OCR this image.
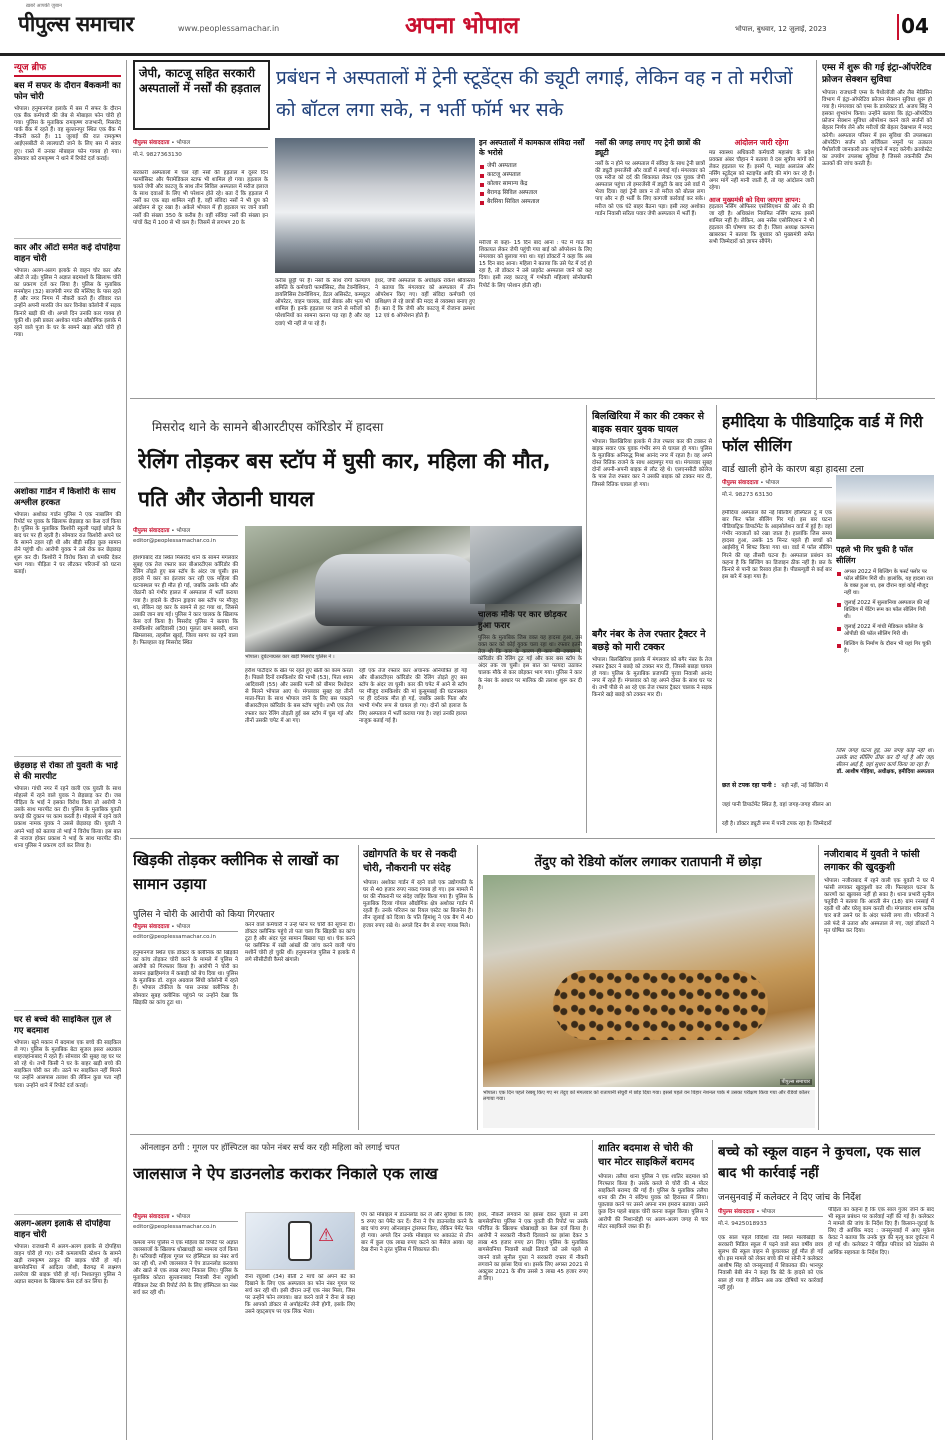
पीपुल्स समाचार
ख़बरें आपकी ज़ुबान
www.peoplessamachar.in	अपना भोपाल	भोपाल, बुधवार, 12 जुलाई, 2023	04
न्यूज ब्रीफ
बस में सफर के दौरान बैंककर्मी का फोन चोरी
भोपाल। हनुमानगंज इलाके में बस में सफर के दौरान एक बैंक कर्मचारी की जेब से मोबाइल फोन चोरी हो गया। पुलिस के मुताबिक रामकृष्ण राजभानी, मिसरोद पार्क बैंक में रहते हैं। वह सुल्तानपुर स्थित एक बैंक में नौकरी करते हैं। 11 जुलाई की रात रामकृष्ण आईएसबीटी से लालघाटी जाने के लिए बस में सवार हुए। रास्ते में उनका मोबाइल फोन गायब हो गया। सोमवार को रामकृष्ण ने थाने में रिपोर्ट दर्ज कराई।
कार और ऑटो समेत कई दोपहिया वाहन चोरी
भोपाल। अलग-अलग इलाके से वाहन चोर कार और ऑटो ले उड़े। पुलिस ने अज्ञात बदमाशों के खिलाफ चोरी का प्रकरण दर्ज कर लिया है। पुलिस के मुताबिक मनमोहन (32) बाजपेयी नगर की मस्जिद के पास रहते हैं और नगर निगम में नौकरी करते हैं। रविवार रात उन्होंने अपनी मारुति जेन कार विनोबा कॉलोनी में सड़क किनारे खड़ी की थी। अगले दिन उनकी कार गायब हो चुकी थी। इसी प्रकार अशोका गार्डन औद्योगिक इलाके में रहने वाले पूजा के घर के सामने खड़ा ऑटो चोरी हो गया।
अशोका गार्डन में किशोरी के साथ अश्लील हरकत
भोपाल। अशोका गार्डन पुलिस ने एक नाबालिग की रिपोर्ट पर युवक के खिलाफ छेड़छाड़ का केस दर्ज किया है। पुलिस के मुताबिक किशोरी स्कूली पढ़ाई छोड़ने के बाद घर पर ही रहती है। सोमवार रात किशोरी अपने घर के सामने टहल रही थी और बीड़ी सहित कुछ सामान लेने पहुंची थी। आरोपी युवक ने उसे रोक कर छेड़छाड़ शुरू कर दी। किशोरी ने विरोध किया तो धमकी देकर भाग गया। पीड़िता ने घर लौटकर परिजनों को घटना बताई।
छेड़छाड़ से रोका तो युवती के भाई से की मारपीट
भोपाल। गांधी नगर में रहने वाली एक युवती के साथ मोहल्ले में रहने वाले युवक ने छेड़छाड़ कर दी। जब पीड़िता के भाई ने इसका विरोध किया तो आरोपी ने उसके साथ मारपीट कर दी। पुलिस के मुताबिक युवती कपड़े की दुकान पर काम करती है। मोहल्ले में रहने वाले प्रकाश नामक युवक ने उससे छेड़छाड़ की। युवती ने अपने भाई को बताया तो भाई ने विरोध किया। इस बात से नाराज होकर प्रकाश ने भाई के साथ मारपीट की। थाना पुलिस ने प्रकरण दर्ज कर लिया है।
घर से बच्चे की साइकिल ग़ुल ले गए बदमाश
भोपाल। खूने मकान में बदमाश एक बच्चे की साइकिल ले गए। पुलिस के मुताबिक बेटा सुजल इसरा अग्रवाल शाहजहांनाबाद में रहते हैं। सोमवार की सुबह वह घर पर सो रहे थे। तभी किसी ने घर के बाहर खड़ी बच्चे की साइकिल चोरी कर ली। उठने पर साइकिल नहीं मिलने पर उन्होंने आसपास तलाश की लेकिन कुछ पता नहीं चला। उन्होंने थाने में रिपोर्ट दर्ज कराई।
अलग-अलग इलाके से दोपहिया वाहन चोरी
भोपाल। राजधानी में अलग-अलग इलाके से दोपहिया वाहन चोरी हो गए। रानी कमलापति स्टेशन के सामने खड़ी रामकृष्ण ठाकुर की बाइक चोरी हो गई। बागसेवनिया में आदित्य जोशी, बैरागढ़ में लक्ष्मण तलरेजा की बाइक चोरी हो गई। निशातपुरा पुलिस ने अज्ञात बदमाश के खिलाफ केस दर्ज कर लिया है।
जेपी, काटजू सहित सरकारी अस्पतालों में नर्सों की हड़ताल प्रबंधन ने अस्पतालों में ट्रेनी स्टूडेंट्स की ड्यूटी लगाई, लेकिन वह न तो मरीजों को बॉटल लगा सके, न भर्ती फॉर्म भर सके
पीपुल्स संवाददाता • भोपाल
मो.नं. 9827363130
सरकारी अस्पतालों में चल रही नर्सों की हड़ताल में दूसरे दिन फार्मासिस्ट और पैरामेडिकल स्टाफ भी शामिल हो गया। हड़ताल के चलते जेपी और काटजू के साथ तीन सिविल अस्पताल में मरीज इलाज के साथ दवाओं के लिए भी परेशान होते रहे। बता दें कि हड़ताल में नर्सों का एक बड़ा शामिल नहीं है, वहीं संविदा नर्सों ने भी ग्रुप को आंदोलन से दूर रखा है। अकेले भोपाल में ही हड़ताल पर जाने वाली नर्सों की संख्या 350 के करीब है। वहीं संविदा नर्सों की संख्या इन पांचों केंद्र में 100 से भी कम है। जिसमें से लगभग 20 के
करीब छुट्टी पर हैं। नर्सों के साथ रोगी कल्याण समिति के कर्मचारी फार्मासिस्ट, लैब टेक्नीशियन, डायलिसिस टेक्नीशियन, डेंटल असिस्टेंट, कम्प्यूटर ऑपरेटर, वाहन चालक, वार्ड सेवक और भृत्य भी शामिल हैं। इनके हड़ताल पर जाने से मरीजों को परेशानियों का सामना करना पड़ रहा है और वह दवाएं भी नहीं ले पा रहे हैं।
इधर, जेपी अस्पताल के अधीक्षक राकेश श्रीवास्तव ने बताया कि मंगलवार को अस्पताल में तीन ऑपरेशन किए गए। वहीं संविदा कर्मचारी एवं प्रशिक्षण ले रहे छात्रों की मदद से व्यवस्था बनाए हुए हैं। बता दें कि जेपी और काटजू में रोजाना क्रमशः 12 एवं 6 ऑपरेशन होते हैं।
इन अस्पतालों में कामकाज संविदा नर्सों के भरोसे
जेपी अस्पताल
काटजू अस्पताल
कोलार सामान्य केंद्र
बैरागढ़ सिविल अस्पताल
बैरसिया सिविल अस्पताल
मरीजों से कहा- 15 दिन बाद आना : पेट में गांठ की शिकायत लेकर जेपी पहुंची गया बाई को ऑपरेशन के लिए मंगलवार को बुलाया गया था। यहां डॉक्टरों ने कहा कि अब 15 दिन बाद आना। महिला ने बताया कि उसे पेट में दर्द हो रहा है, तो डॉक्टर ने उसे प्राइवेट अस्पताल जाने को कह दिया। इसी तरह काटजू में गर्भवती महिलाएं सोनोग्राफी रिपोर्ट के लिए परेशान होती रहीं।
नर्सों की जगह लगाए गए ट्रेनी छात्रों की ड्यूटी
नर्सों के न होने पर अस्पताल में संविदा के साथ ट्रेनी छात्रों की ड्यूटी इमरजेंसी और वार्डों में लगाई गई। मंगलवार को एक मरीज को दर्द की शिकायत लेकर एक युवक जेपी अस्पताल पहुंचा तो इमरजेंसी में ड्यूटी के बाद उसे वार्ड में भेजा दिया। वहां ट्रेनी छात्र न तो मरीज को बोतल लगा पाए और न ही भर्ती के लिए कागजी कार्रवाई कर सके। मरीज को एक घंटे बाहर बैठना पड़ा। इसी तरह अशोका गार्डन निवासी सरिता पवार जेपी अस्पताल में भर्ती हैं।
आंदोलन जारी रहेगा
मप्र स्वास्थ्य अधिकारी कर्मचारी महासंघ के प्रदेश प्रवक्ता अंबर चौहान ने बताया वे दस सूत्रीय मांगों को लेकर हड़ताल पर हैं। इसमें पे, माइंड अलाउंस और नर्सिंग स्टूडेंट्स को स्टाइपेंड आदि की मांग कर रहे हैं। अगर मांगें नहीं मानी जाती हैं, तो यह आंदोलन जारी रहेगा।
आज मुख्यमंत्री को दिया जाएगा ज्ञापन:
हड़ताल नर्सिंग ऑफिसर एसोसिएशन की ओर से की जा रही है। अधिकांश नियमित नर्सिंग स्टाफ इसमें शामिल नहीं है। लेकिन, अब नर्सेस एसोसिएशन ने भी हड़ताल की घोषणा कर दी है। जिला अध्यक्ष कल्पना खाबरकर ने बताया कि बुधवार को मुख्यमंत्री समेत सभी जिम्मेदारों को ज्ञापन सौंपेंगे।
एम्स में शुरू की गई इंट्रा-ऑपरेटिव फ्रोजन सेक्शन सुविधा
भोपाल। राजधानी एम्स के पैथोलॉजी और लैब मेडिसिन विभाग में इंट्रा-ऑपरेटिव फ्रोजन सेक्शन सुविधा शुरू हो गया है। मंगलवार को एम्स के डायरेक्टर डॉ. अजय सिंह ने इसका शुभारंभ किया। उन्होंने बताया कि इंट्रा-ऑपरेटिव फ्रोजन सेक्शन सुविधा ऑपरेशन करने वाले सर्जनों को बेहतर निर्णय लेने और मरीजों की बेहतर देखभाल में मदद करेगी। अस्पताल परिसर में इस सुविधा की उपलब्धता ऑपरेटिंग सर्जन को सर्जिकल नमूनों पर तत्काल पैथोलॉजी जानकारी तक पहुंचने में मदद करेगी। क्रायोस्टेट का उपयोग उपलब्ध सुविधा है जिससे तकनीकी टीम ऊतकों की जांच करती है।
मिसरोद थाने के सामने बीआरटीएस कॉरिडोर में हादसा
रेलिंग तोड़कर बस स्टॉप में घुसी कार, महिला की मौत, पति और जेठानी घायल
पीपुल्स संवाददाता • भोपाल
editor@peoplessamachar.co.in
होशंगाबाद रोड स्थित मिसरोद थाने के सामने मंगलवार सुबह एक तेज रफ्तार कार बीआरटीएस कॉरिडोर की रेलिंग तोड़ते हुए बस स्टॉप के अंदर जा घुसी। इस हादसे में कार का इंतजार कर रही एक महिला की घटनास्थल पर ही मौत हो गई, जबकि उसके पति और जेठानी को गंभीर हालत में अस्पताल में भर्ती कराया गया है। हादसे के दौरान ड्राइवर बस स्टॉप पर मौजूद था, लेकिन वह कार के सामने से हट गया था, जिससे उसकी जान बच गई। पुलिस ने कार चालक के खिलाफ केस दर्ज किया है। मिसरोद पुलिस ने बताया कि रामकिशोर आदिवासी (30) मूलतः ग्राम बसारी, थाना खिमलासा, तहसील खुरई, जिला सागर का रहने वाला है। फिलहाल वह मिसरोद स्थित
भोपाल। दुर्घटनाग्रस्त कार खड़ी मिसरोद पुलिस ने ।
हरीश पाटीदार के खेत पर रहते हुए खेती का काम करता है। पिछले दिनों रामकिशोर की भाभी (53), पिता श्याम आदिवासी (55) और उसकी पत्नी को बीमार रिश्तेदार से मिलने भोपाल आए थे। मंगलवार सुबह वह तीनों माता-पिता के साथ भोपाल जाने के लिए बस पकड़ने बीआरटीएस कॉरिडोर के बस स्टॉप पहुंचे। तभी एक तेज रफ्तार कार रेलिंग तोड़ती हुई बस स्टॉप में घुस गई और तीनों उसकी चपेट में आ गए।
रही एक तेज रफ्तार कार अचानक अनियंत्रित हो गई और बीआरटीएस कॉरिडोर की रेलिंग तोड़ते हुए बस स्टॉप के अंदर जा घुसी। कार की चपेट में आने से स्टॉप पर मौजूद रामकिशोर की मां कुसुमबाई की घटनास्थल पर ही दर्दनाक मौत हो गई, जबकि उसके पिता और भाभी गंभीर रूप से घायल हो गए। दोनों को इलाज के लिए अस्पताल में भर्ती कराया गया है। जहां उनकी हालत नाजुक बताई गई है।
चालक मौके पर कार छोड़कर हुआ फरार
पुलिस के मुताबिक जिस वक्त यह हादसा हुआ, उस वक्त कार को कोई युवक चला रहा था। रफ्तार इतनी तेज थी कि कार के कारण ही कार की टक्कर से कॉरिडोर की रेलिंग टूट गई और कार बस स्टॉप के अंदर तक जा घुसी। इस बात का फायदा उठाकर चालक मौके से कार छोड़कर भाग गया। पुलिस ने कार के नंबर के आधार पर मालिक की तलाश शुरू कर दी है।
बिलखिरिया में कार की टक्कर से बाइक सवार युवक घायल
भोपाल। बिलखिरिया इलाके में तेज रफ्तार कार की टक्कर से बाइक सवार एक युवक गंभीर रूप से घायल हो गया। पुलिस के मुताबिक अनिरुद्ध मिश्रा आनंद नगर में रहता है। वह अपने दोस्त रितिक राजने के साथ अदामपुर गया था। मंगलवार सुबह दोनों अपनी-अपनी बाइक से लौट रहे थे। एलएनसीटी कॉलेज के पास तेज रफ्तार कार ने उसकी बाइक को टक्कर मार दी, जिससे रितिक घायल हो गया।
बगैर नंबर के तेज रफ्तार ट्रैक्टर ने बछड़े को मारी टक्कर
भोपाल। बिलखिरिया इलाके में मंगलवार को बगैर नंबर के तेज रफ्तार ट्रैक्टर ने बछड़े को टक्कर मार दी, जिससे बछड़ा घायल हो गया। पुलिस के मुताबिक प्रजापति पुरवा निवासी आनंद नगर में रहते हैं। मंगलवार को वह अपने दोस्त के साथ घर पर थे। तभी पीछे से आ रहे एक तेज रफ्तार ट्रैक्टर चालक ने सड़क किनारे खड़े बछड़े को टक्कर मार दी।
हमीदिया के पीडियाट्रिक वार्ड में गिरी फॉल सीलिंग
वार्ड खाली होने के कारण बड़ा हादसा टला
पीपुल्स संवाददाता • भोपाल
मो.नं. 98273 63130
हमीदिया अस्पताल की नई बिल्डिंग हॉस्पिटल टू में एक बार फिर फॉल सीलिंग गिर गई। इस बार घटना पीडियाट्रिक डिपार्टमेंट के आइसोलेशन वार्ड में हुई है। वहां गंभीर नवजातों को रखा जाता है। हालांकि जिस समय हादसा हुआ, उसके 15 मिनट पहले ही बच्चों को आईसीयू में शिफ्ट किया गया था। वार्ड में फॉल सीलिंग गिरने की यह तीसरी घटना है। अस्पताल प्रबंधन का कहना है कि बिल्डिंग का डिजाइन ठीक नहीं है। छत के किनारे से पानी का रिसाव होता है। पीडब्ल्यूडी से कई बार इस बारे में कहा गया है।
छत से टपक रहा पानी : यही नहीं, नई बिल्डिंग में जहां पानी डिपार्टमेंट स्थित है, वहां जगह-जगह सीलन आ रही है। डॉक्टर ड्यूटी रूम में पानी टपक रहा है। जिम्मेदारों
पहले भी गिर चुकी है फॉल सीलिंग
अगस्त 2022 में बिल्डिंग के फर्स्ट फ्लोर पर फॉल सीलिंग गिरी थी। हालांकि, यह हादसा रात के वक्त हुआ था, इस दौरान वहां कोई मौजूद नहीं था।
जुलाई 2022 में सुल्तानिया अस्पताल की नई बिल्डिंग में पेंटिंग रूम का फॉल सीलिंग गिरी थी।
जुलाई 2022 में गांधी मेडिकल कॉलेज के ओपीडी की फॉल सीलिंग गिरी थी।
बिल्डिंग के निर्माण के दौरान भी यहां गिर चुकी है।
जिस जगह घटना हुई, उस जगह कोई नहीं था। उसके बाद सीलिंग ठीक कर दी गई है और जहां सीलन आई है, वहां सुधार कार्य किया जा रहा है।
डॉ. आशीष गोहिया, अधीक्षक, हमीदिया अस्पताल
खिड़की तोड़कर क्लीनिक से लाखों का सामान उड़ाया
पुलिस ने चोरी के आरोपी को किया गिरफ्तार
पीपुल्स संवाददाता • भोपाल
editor@peoplessamachar.co.in
हनुमानगंज स्थित एक डॉक्टर के क्लीनिक की खिड़की का कांच तोड़कर चोरी करने के मामले में पुलिस ने आरोपी को गिरफ्तार किया है। आरोपी ने चोरी का सामान इब्राहिमगंज में कबाड़ी को बेच दिया था। पुलिस के मुताबिक डॉ. राहुल अग्रवाल सिंधी कॉलोनी में रहते हैं। भोपाल टॉकीज के पास उनका क्लीनिक है। सोमवार सुबह क्लीनिक पहुंचने पर उन्होंने देखा कि खिड़की का कांच टूटा था।
करने वाले कर्मचारी ने उन्हें फोन पर चोरी की सूचना दी। डॉक्टर क्लीनिक पहुंचे तो पता चला कि खिड़की का कांच टूटा है और अंदर पूरा सामान बिखरा पड़ा था। चेक करने पर क्लीनिक में रखी आंखों की जांच करने वाली पांच मशीनें चोरी हो चुकी थीं। हनुमानगंज पुलिस ने इलाके में लगे सीसीटीवी कैमरे खंगाले।
उद्योगपति के घर से नकदी चोरी, नौकरानी पर संदेह
भोपाल। अशोका गार्डन में रहने वाले एक उद्योगपति के घर से 40 हजार रुपए नकद गायब हो गए। इस मामले में घर की नौकरानी पर संदेह जाहिर किया गया है। पुलिस के मुताबिक दिव्या गोयल औद्योगिक क्षेत्र अशोका गार्डन में रहती हैं। उनके परिजन का रियल एस्टेट का बिजनेस है। तीन जुलाई को दिव्या के पति हिमांशु ने एक बैग में 40 हजार रुपए रखे थे। अगले दिन बैग से रुपए गायब मिले।
तेंदुए को रेडियो कॉलर लगाकर रातापानी में छोड़ा
पीपुल्स समाचार
भोपाल। एक दिन पहले रेस्क्यू किए गए नर तेंदुए को मंगलवार को रातापानी सेंचुरी में छोड़ दिया गया। इससे पहले वन विहार नेशनल पार्क में उसका परीक्षण किया गया और रेडियो कॉलर लगाया गया।
नजीराबाद में युवती ने फांसी लगाकर की खुदकुशी
भोपाल। नजीराबाद में रहने वाली एक युवती ने घर में फांसी लगाकर खुदकुशी कर ली। फिलहाल घटना के कारणों का खुलासा नहीं हो सका है। थाना प्रभारी सुनील चतुर्वेदी ने बताया कि आरती सेन (18) ग्राम रनसाई में रहती थी और घरेलू काम करती थी। मंगलवार शाम करीब चार बजे उसने घर के अंदर फांसी लगा ली। परिजनों ने उसे फंदे से उतारा और अस्पताल ले गए, जहां डॉक्टरों ने मृत घोषित कर दिया।
ऑनलाइन ठगी : गूगल पर हॉस्पिटल का फोन नंबर सर्च कर रही महिला को लगाई चपत
जालसाज ने ऐप डाउनलोड कराकर निकाले एक लाख
पीपुल्स संवाददाता • भोपाल
editor@peoplessamachar.co.in
कमला नगर पुलिस ने एक महिला की रिपोर्ट पर अज्ञात जालसाजों के खिलाफ धोखाधड़ी का मामला दर्ज किया है। फरियादी महिला गूगल पर हॉस्पिटल का नंबर सर्च कर रही थी, तभी जालसाज ने ऐप डाउनलोड करवाया और खाते से एक लाख रुपए निकाल लिए। पुलिस के मुताबिक कोटरा सुल्तानाबाद निवासी रीना रघुवंशी मेडिकल टेस्ट की रिपोर्ट लेने के लिए हॉस्पिटल का नंबर सर्च कर रही थीं।
⚠
रीना रघुवंशी (34) बीती 2 मार्च को अपने बेटे को दिखाने के लिए एक अस्पताल का फोन नंबर गूगल पर सर्च कर रही थीं। इसी दौरान उन्हें एक नंबर मिला, जिस पर उन्होंने फोन लगाया। बात करने वाले ने रीना से कहा कि आपको डॉक्टर से अपॉइंटमेंट लेनी होगी, इसके लिए उसने व्हाट्सएप पर एक लिंक भेजा।
ऐप को मोबाइल में डाउनलोड कर लें और सुविधा के लिए 5 रुपए का पेमेंट कर दें। रीना ने ऐप डाउनलोड करने के बाद पांच रुपए ऑनलाइन ट्रांसफर किए, लेकिन पेमेंट फेल हो गया। अगले दिन उनके मोबाइल पर अकाउंट से तीन बार में कुल एक लाख रुपए कटने का मैसेज आया। यह देख रीना ने तुरंत पुलिस में शिकायत की।
इधर, नौकरी लगवाने का झांसा देकर युवती से ठगी बागसेवनिया पुलिस ने एक युवती की रिपोर्ट पर उसके परिचित के खिलाफ धोखाधड़ी का केस दर्ज किया है। आरोपी ने सरकारी नौकरी दिलवाने का झांसा देकर 3 लाख 45 हजार रुपए ठग लिए। पुलिस के मुताबिक बागसेवनिया निवासी साक्षी तिवारी को उसे पहले से जानने वाले सुनील गुप्ता ने सरकारी दफ्तर में नौकरी लगवाने का झांसा दिया था। इसके लिए अगस्त 2021 से अक्टूबर 2021 के बीच उससे 3 लाख 45 हजार रुपए ले लिए।
शातिर बदमाश से चोरी की चार मोटर साइकिलें बरामद
भोपाल। तलैया थाना पुलिस ने एक शातिर बदमाश को गिरफ्तार किया है। उसके कब्जे से चोरी की 4 मोटर साइकिलें बरामद की गई हैं। पुलिस के मुताबिक तलैया थाना की टीम ने संदिग्ध युवक को हिरासत में लिया। पूछताछ करने पर उसने अपना नाम इमरान बताया। उसने कुछ दिन पहले बाइक चोरी करना कबूल किया। पुलिस ने आरोपी की निशानदेही पर अलग-अलग जगह से चार मोटर साइकिलें जब्त की हैं।
बच्चे को स्कूल वाहन ने कुचला, एक साल बाद भी कार्रवाई नहीं
जनसुनवाई में कलेक्टर ने दिए जांच के निर्देश
पीपुल्स संवाददाता • भोपाल
मो.नं. 9425018933
एक साल पहले विदिशा रोड स्थित मालीखेड़ी के सरकारी मिडिल स्कूल में पढ़ने वाले सात वर्षीय छात्र सुलभ की स्कूल वाहन से कुचलकर हुई मौत हो गई थी। इस मामले को लेकर बच्चे की मां सोनी ने कलेक्टर आशीष सिंह को जनसुनवाई में शिकायत की। भानपुर निवासी बेबी सेन ने कहा कि बेटे के हादसे को एक साल हो गया है लेकिन अब तक दोषियों पर कार्रवाई नहीं हुई।
पीड़िता का कहना है कि एक साल गुजर जाने के बाद भी स्कूल प्रबंधन पर कार्रवाई नहीं की गई है। कलेक्टर ने मामले की जांच के निर्देश दिए हैं। किसान-जुटाई के लिए दी आर्थिक मदद : जनसुनवाई में आए मुकेश केवट ने बताया कि उनके पुत्र की मृत्यु कार दुर्घटना में हो गई थी। कलेक्टर ने पीड़ित परिवार को रेडक्रॉस से आर्थिक सहायता के निर्देश दिए।
